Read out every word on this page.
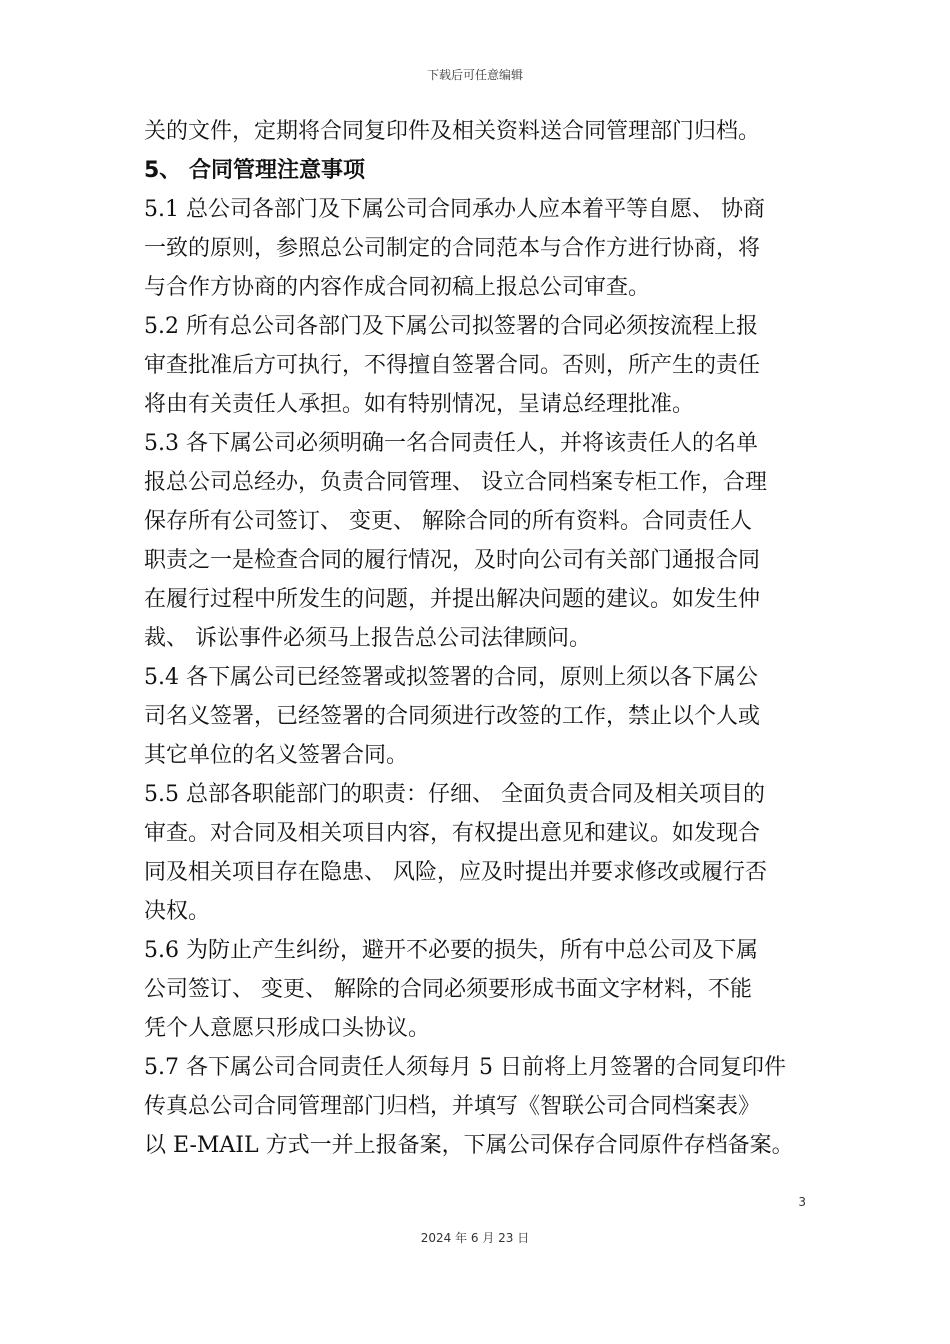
下载后可任意编辑
关的文件，定期将合同复印件及相关资料送合同管理部门归档。
5、 合同管理注意事项
5.1 总公司各部门及下属公司合同承办人应本着平等自愿、 协商
一致的原则，参照总公司制定的合同范本与合作方进行协商，将
与合作方协商的内容作成合同初稿上报总公司审查。
5.2 所有总公司各部门及下属公司拟签署的合同必须按流程上报
审查批准后方可执行，不得擅自签署合同。否则，所产生的责任
将由有关责任人承担。如有特别情况，呈请总经理批准。
5.3 各下属公司必须明确一名合同责任人，并将该责任人的名单
报总公司总经办，负责合同管理、 设立合同档案专柜工作，合理
保存所有公司签订、 变更、 解除合同的所有资料。合同责任人
职责之一是检查合同的履行情况，及时向公司有关部门通报合同
在履行过程中所发生的问题，并提出解决问题的建议。如发生仲
裁、 诉讼事件必须马上报告总公司法律顾问。
5.4 各下属公司已经签署或拟签署的合同，原则上须以各下属公
司名义签署，已经签署的合同须进行改签的工作，禁止以个人或
其它单位的名义签署合同。
5.5 总部各职能部门的职责：仔细、 全面负责合同及相关项目的
审查。对合同及相关项目内容，有权提出意见和建议。如发现合
同及相关项目存在隐患、 风险，应及时提出并要求修改或履行否
决权。
5.6 为防止产生纠纷，避开不必要的损失，所有中总公司及下属
公司签订、 变更、 解除的合同必须要形成书面文字材料，不能
凭个人意愿只形成口头协议。
5.7 各下属公司合同责任人须每月 5 日前将上月签署的合同复印件
传真总公司合同管理部门归档，并填写《智联公司合同档案表》
以 E-MAIL 方式一并上报备案，下属公司保存合同原件存档备案。
3
2024 年 6 月 23 日
